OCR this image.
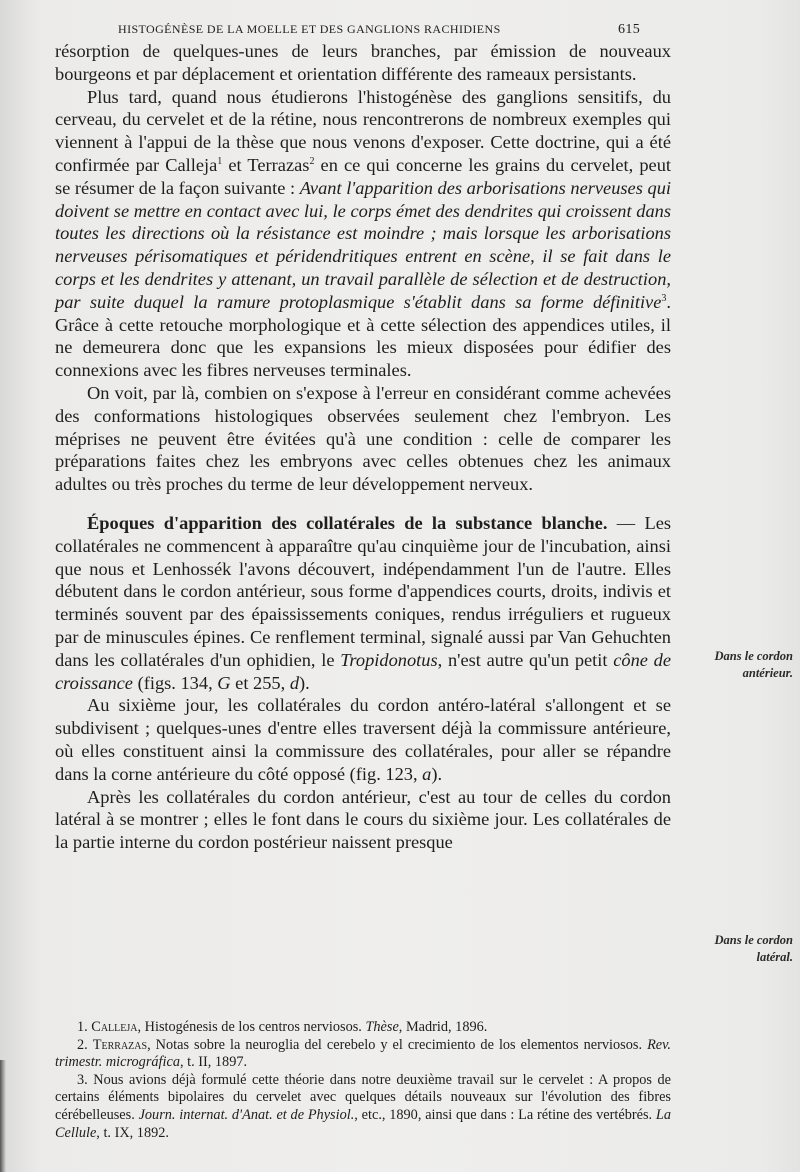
HISTOGÉNÈSE DE LA MOELLE ET DES GANGLIONS RACHIDIENS	615

résorption de quelques-unes de leurs branches, par émission de nouveaux bourgeons et par déplacement et orientation différente des rameaux persistants.

Plus tard, quand nous étudierons l'histogénèse des ganglions sensitifs, du cerveau, du cervelet et de la rétine, nous rencontrerons de nombreux exemples qui viennent à l'appui de la thèse que nous venons d'exposer. Cette doctrine, qui a été confirmée par Calleja$^1$ et Terrazas$^2$ en ce qui concerne les grains du cervelet, peut se résumer de la façon suivante : Avant l'apparition des arborisations nerveuses qui doivent se mettre en contact avec lui, le corps émet des dendrites qui croissent dans toutes les directions où la résistance est moindre ; mais lorsque les arborisations nerveuses périsomatiques et péridendritiques entrent en scène, il se fait dans le corps et les dendrites y attenant, un travail parallèle de sélection et de destruction, par suite duquel la ramure protoplasmique s'établit dans sa forme définitive$^3$. Grâce à cette retouche morphologique et à cette sélection des appendices utiles, il ne demeurera donc que les expansions les mieux disposées pour édifier des connexions avec les fibres nerveuses terminales.

On voit, par là, combien on s'expose à l'erreur en considérant comme achevées des conformations histologiques observées seulement chez l'embryon. Les méprises ne peuvent être évitées qu'à une condition : celle de comparer les préparations faites chez les embryons avec celles obtenues chez les animaux adultes ou très proches du terme de leur développement nerveux.

Époques d'apparition des collatérales de la substance blanche. — Les collatérales ne commencent à apparaître qu'au cinquième jour de l'incubation, ainsi que nous et Lenhossék l'avons découvert, indépendamment l'un de l'autre. Elles débutent dans le cordon antérieur, sous forme d'appendices courts, droits, indivis et terminés souvent par des épaississements coniques, rendus irréguliers et rugueux par de minuscules épines. Ce renflement terminal, signalé aussi par Van Gehuchten dans les collatérales d'un ophidien, le Tropidonotus, n'est autre qu'un petit cône de croissance (figs. 134, G et 255, d).

Au sixième jour, les collatérales du cordon antéro-latéral s'allongent et se subdivisent ; quelques-unes d'entre elles traversent déjà la commissure antérieure, où elles constituent ainsi la commissure des collatérales, pour aller se répandre dans la corne antérieure du côté opposé (fig. 123, a).

Après les collatérales du cordon antérieur, c'est au tour de celles du cordon latéral à se montrer ; elles le font dans le cours du sixième jour. Les collatérales de la partie interne du cordon postérieur naissent presque

Dans le cordon antérieur.
Dans le cordon latéral.

1. Calleja, Histogénesis de los centros nerviosos. Thèse, Madrid, 1896.

2. Terrazas, Notas sobre la neuroglia del cerebelo y el crecimiento de los elementos nerviosos. Rev. trimestr. micrográfica, t. II, 1897.

3. Nous avions déjà formulé cette théorie dans notre deuxième travail sur le cervelet : A propos de certains éléments bipolaires du cervelet avec quelques détails nouveaux sur l'évolution des fibres cérébelleuses. Journ. internat. d'Anat. et de Physiol., etc., 1890, ainsi que dans : La rétine des vertébrés. La Cellule, t. IX, 1892.
